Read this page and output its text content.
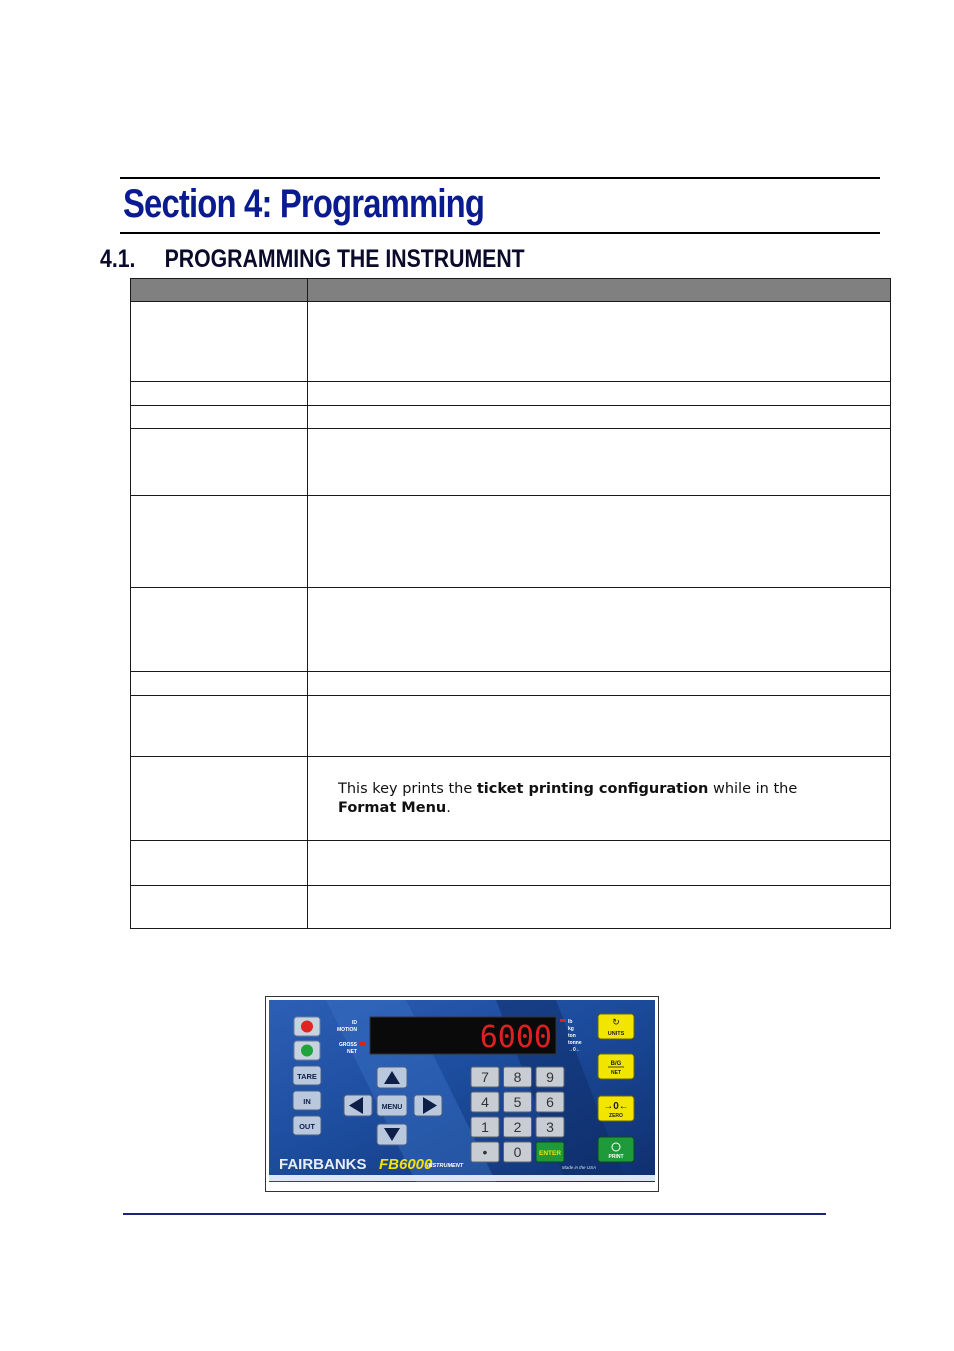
Section 4: Programming
4.1. PROGRAMMING THE INSTRUMENT

	This key prints the ticket printing configuration while in the Format Menu.

TARE
IN
OUT
ID
MOTION
GROSS
NET	6000	lb
kg
ton
tonne
→0←
MENU
7 8 9
4 5 6
1 2 3
• 0	ENTER
↻
UNITS
B/G
NET
→0←
ZERO
PRINT
FAIRBANKS FB6000
INSTRUMENT	Made in the USA
